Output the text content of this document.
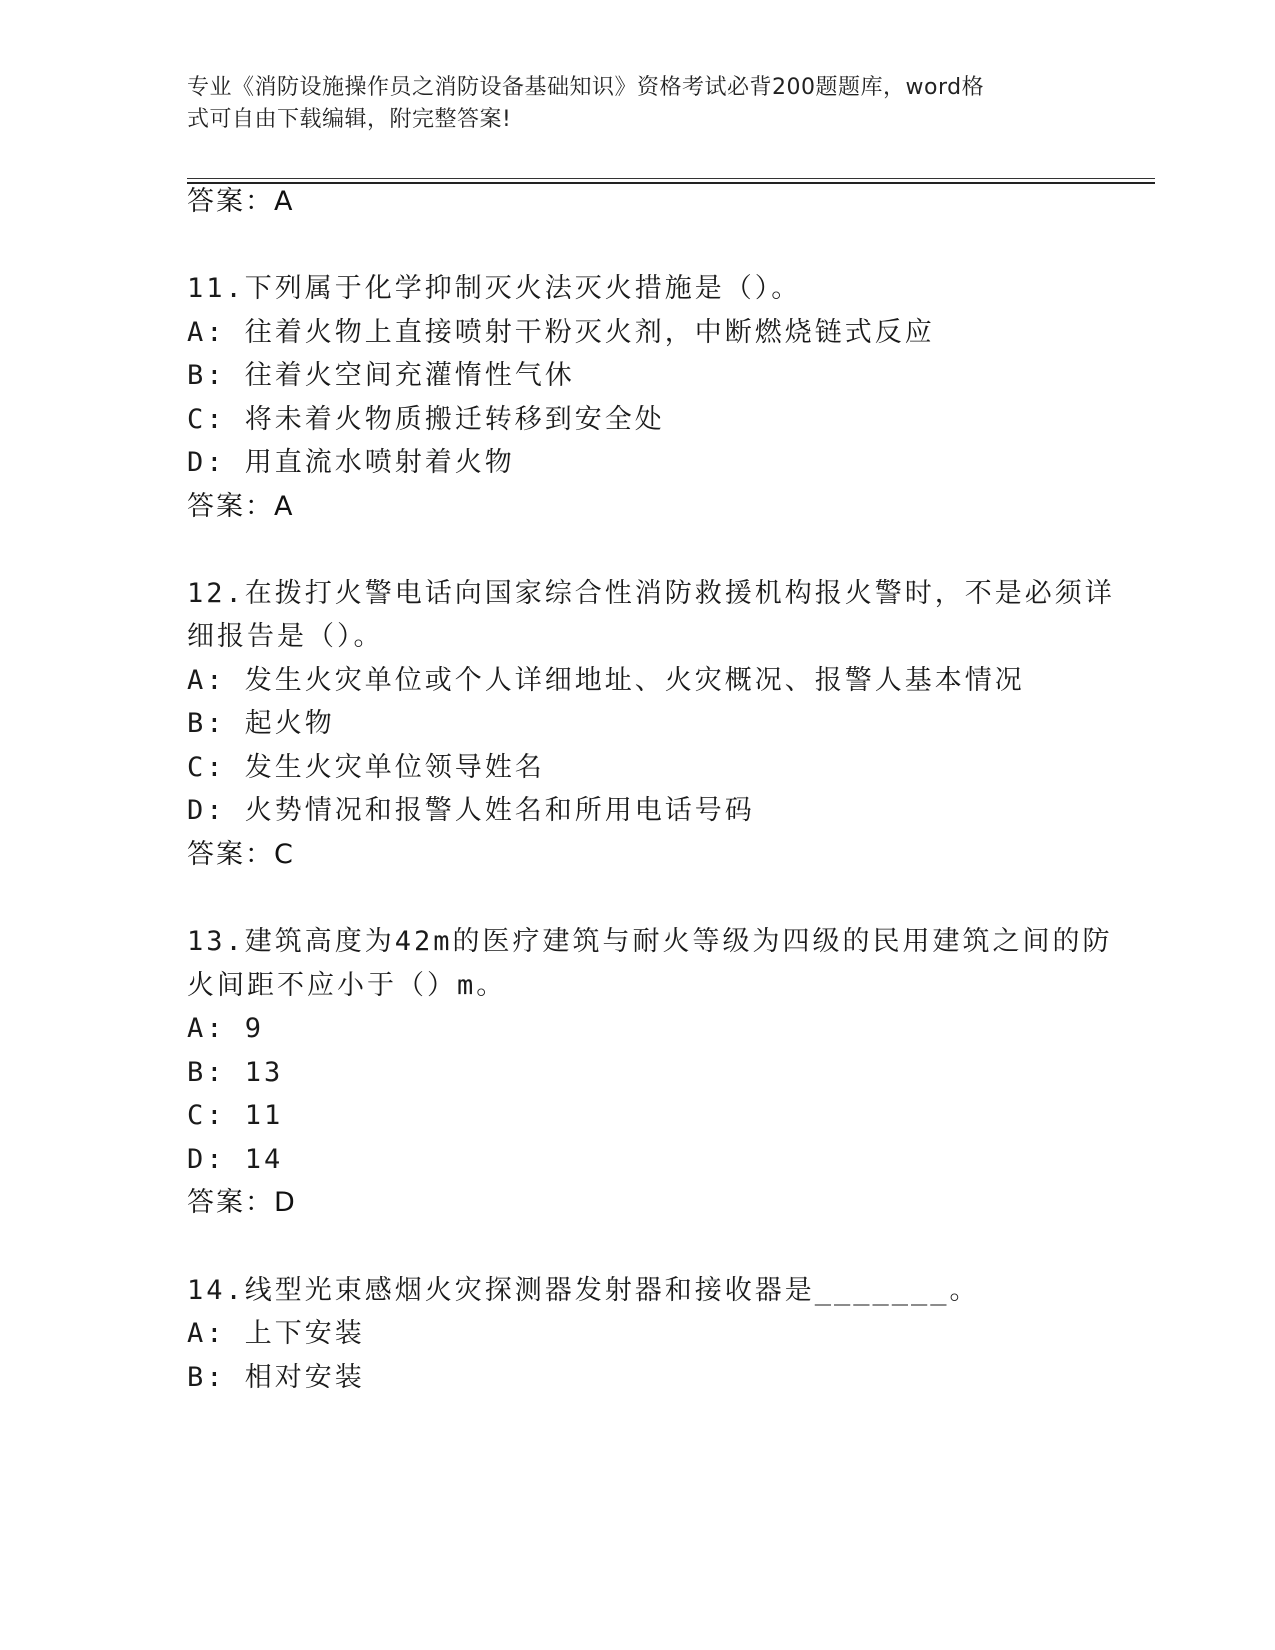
专业《消防设施操作员之消防设备基础知识》资格考试必背200题题库，word格
式可自由下载编辑，附完整答案!
答案：A
11.下列属于化学抑制灭火法灭火措施是（）。
A: 往着火物上直接喷射干粉灭火剂，中断燃烧链式反应
B: 往着火空间充灌惰性气休
C: 将未着火物质搬迁转移到安全处
D: 用直流水喷射着火物
答案：A
12.在拨打火警电话向国家综合性消防救援机构报火警时，不是必须详
细报告是（）。
A: 发生火灾单位或个人详细地址、火灾概况、报警人基本情况
B: 起火物
C: 发生火灾单位领导姓名
D: 火势情况和报警人姓名和所用电话号码
答案：C
13.建筑高度为42m的医疗建筑与耐火等级为四级的民用建筑之间的防
火间距不应小于（）m。
A: 9
B: 13
C: 11
D: 14
答案：D
14.线型光束感烟火灾探测器发射器和接收器是_______。
A: 上下安装
B: 相对安装
